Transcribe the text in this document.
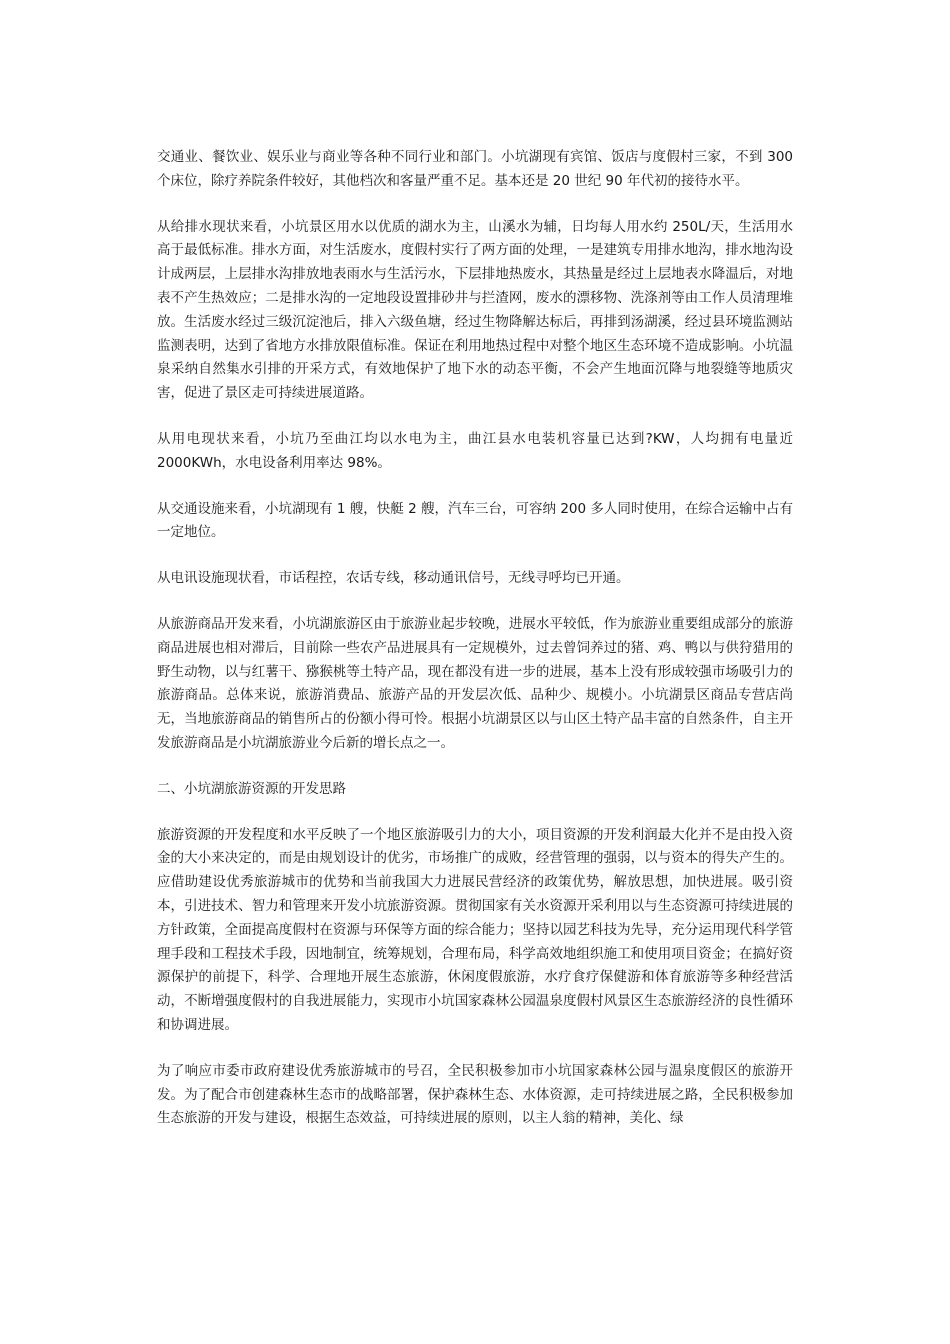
交通业、餐饮业、娱乐业与商业等各种不同行业和部门。小坑湖现有宾馆、饭店与度假村三家，不到 300 个床位，除疗养院条件较好，其他档次和客量严重不足。基本还是 20 世纪 90 年代初的接待水平。

从给排水现状来看，小坑景区用水以优质的湖水为主，山溪水为辅，日均每人用水约 250L/天，生活用水高于最低标准。排水方面，对生活废水，度假村实行了两方面的处理，一是建筑专用排水地沟，排水地沟设计成两层，上层排水沟排放地表雨水与生活污水，下层排地热废水，其热量是经过上层地表水降温后，对地表不产生热效应；二是排水沟的一定地段设置排砂井与拦渣网，废水的漂移物、洗涤剂等由工作人员清理堆放。生活废水经过三级沉淀池后，排入六级鱼塘，经过生物降解达标后，再排到汤湖溪，经过县环境监测站监测表明，达到了省地方水排放限值标准。保证在利用地热过程中对整个地区生态环境不造成影响。小坑温泉采纳自然集水引排的开采方式，有效地保护了地下水的动态平衡，不会产生地面沉降与地裂缝等地质灾害，促进了景区走可持续进展道路。

从用电现状来看，小坑乃至曲江均以水电为主，曲江县水电装机容量已达到?KW，人均拥有电量近 2000KWh，水电设备利用率达 98%。

从交通设施来看，小坑湖现有 1 艘，快艇 2 艘，汽车三台，可容纳 200 多人同时使用，在综合运输中占有一定地位。

从电讯设施现状看，市话程控，农话专线，移动通讯信号，无线寻呼均已开通。

从旅游商品开发来看，小坑湖旅游区由于旅游业起步较晚，进展水平较低，作为旅游业重要组成部分的旅游商品进展也相对滞后，目前除一些农产品进展具有一定规模外，过去曾饲养过的猪、鸡、鸭以与供狩猎用的野生动物，以与红薯干、猕猴桃等土特产品，现在都没有进一步的进展，基本上没有形成较强市场吸引力的旅游商品。总体来说，旅游消费品、旅游产品的开发层次低、品种少、规模小。小坑湖景区商品专营店尚无，当地旅游商品的销售所占的份额小得可怜。根据小坑湖景区以与山区土特产品丰富的自然条件，自主开发旅游商品是小坑湖旅游业今后新的增长点之一。

二、小坑湖旅游资源的开发思路

旅游资源的开发程度和水平反映了一个地区旅游吸引力的大小，项目资源的开发利润最大化并不是由投入资金的大小来决定的，而是由规划设计的优劣，市场推广的成败，经营管理的强弱，以与资本的得失产生的。应借助建设优秀旅游城市的优势和当前我国大力进展民营经济的政策优势，解放思想，加快进展。吸引资本，引进技术、智力和管理来开发小坑旅游资源。贯彻国家有关水资源开采利用以与生态资源可持续进展的方针政策，全面提高度假村在资源与环保等方面的综合能力；坚持以园艺科技为先导，充分运用现代科学管理手段和工程技术手段，因地制宜，统筹规划，合理布局，科学高效地组织施工和使用项目资金；在搞好资源保护的前提下，科学、合理地开展生态旅游，休闲度假旅游，水疗食疗保健游和体育旅游等多种经营活动，不断增强度假村的自我进展能力，实现市小坑国家森林公园温泉度假村风景区生态旅游经济的良性循环和协调进展。

为了响应市委市政府建设优秀旅游城市的号召，全民积极参加市小坑国家森林公园与温泉度假区的旅游开发。为了配合市创建森林生态市的战略部署，保护森林生态、水体资源，走可持续进展之路，全民积极参加生态旅游的开发与建设，根据生态效益，可持续进展的原则，以主人翁的精神，美化、绿
